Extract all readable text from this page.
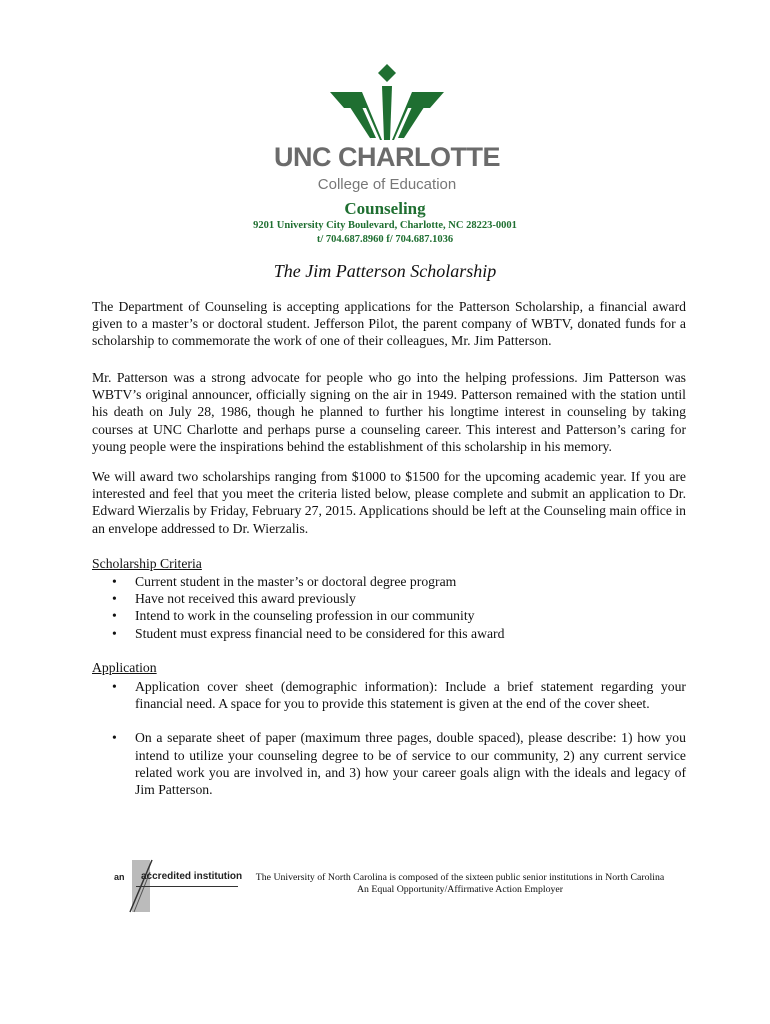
UNC CHARLOTTE
College of Education
Counseling
9201 University City Boulevard, Charlotte, NC 28223-0001
t/ 704.687.8960 f/ 704.687.1036
The Jim Patterson Scholarship

The Department of Counseling is accepting applications for the Patterson Scholarship, a financial award given to a master’s or doctoral student. Jefferson Pilot, the parent company of WBTV, donated funds for a scholarship to commemorate the work of one of their colleagues, Mr. Jim Patterson.

Mr. Patterson was a strong advocate for people who go into the helping professions. Jim Patterson was WBTV’s original announcer, officially signing on the air in 1949. Patterson remained with the station until his death on July 28, 1986, though he planned to further his longtime interest in counseling by taking courses at UNC Charlotte and perhaps purse a counseling career. This interest and Patterson’s caring for young people were the inspirations behind the establishment of this scholarship in his memory.

We will award two scholarships ranging from $1000 to $1500 for the upcoming academic year. If you are interested and feel that you meet the criteria listed below, please complete and submit an application to Dr. Edward Wierzalis by Friday, February 27, 2015. Applications should be left at the Counseling main office in an envelope addressed to Dr. Wierzalis.

Scholarship Criteria
• Current student in the master’s or doctoral degree program
• Have not received this award previously
• Intend to work in the counseling profession in our community
• Student must express financial need to be considered for this award
Application
• Application cover sheet (demographic information): Include a brief statement regarding your financial need. A space for you to provide this statement is given at the end of the cover sheet.
• On a separate sheet of paper (maximum three pages, double spaced), please describe: 1) how you intend to utilize your counseling degree to be of service to our community, 2) any current service related work you are involved in, and 3) how your career goals align with the ideals and legacy of Jim Patterson.
an accredited institution	The University of North Carolina is composed of the sixteen public senior institutions in North Carolina
An Equal Opportunity/Affirmative Action Employer
